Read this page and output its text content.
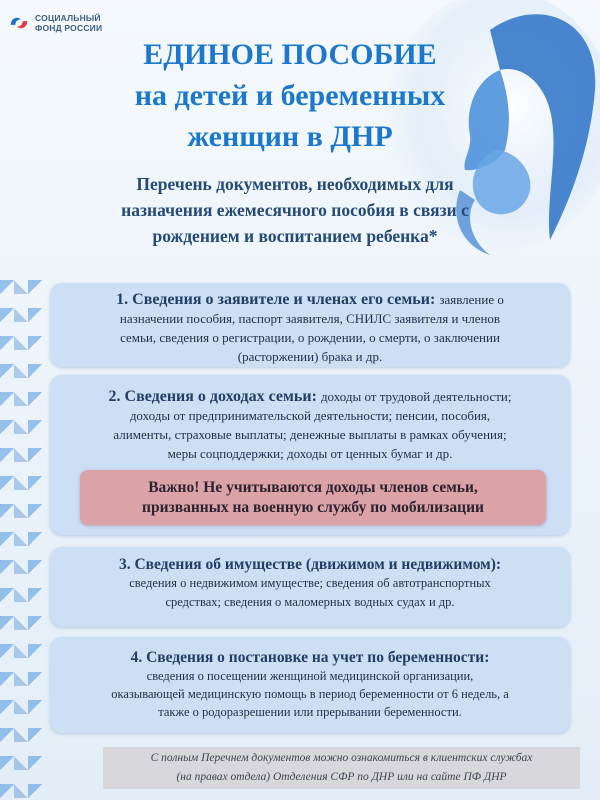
СОЦИАЛЬНЫЙ
ФОНД РОССИИ
ЕДИНОЕ ПОСОБИЕ
на детей и беременных
женщин в ДНР
Перечень документов, необходимых для
назначения ежемесячного пособия в связи с
рождением и воспитанием ребенка*
1. Сведения о заявителе и членах его семьи: заявление о
назначении пособия, паспорт заявителя, СНИЛС заявителя и членов
семьи, сведения о регистрации, о рождении, о смерти, о заключении
(расторжении) брака и др.
2. Сведения о доходах семьи: доходы от трудовой деятельности;
доходы от предпринимательской деятельности; пенсии, пособия,
алименты, страховые выплаты; денежные выплаты в рамках обучения;
меры соцподдержки; доходы от ценных бумаг и др.
Важно! Не учитываются доходы членов семьи,
призванных на военную службу по мобилизации
3. Сведения об имуществе (движимом и недвижимом):
сведения о недвижимом имуществе; сведения об автотранспортных
средствах; сведения о маломерных водных судах и др.
4. Сведения о постановке на учет по беременности:
сведения о посещении женщиной медицинской организации,
оказывающей медицинскую помощь в период беременности от 6 недель, а
также о родоразрешении или прерывании беременности.
С полным Перечнем документов можно ознакомиться в клиентских службах
(на правах отдела) Отделения СФР по ДНР или на сайте ПФ ДНР
